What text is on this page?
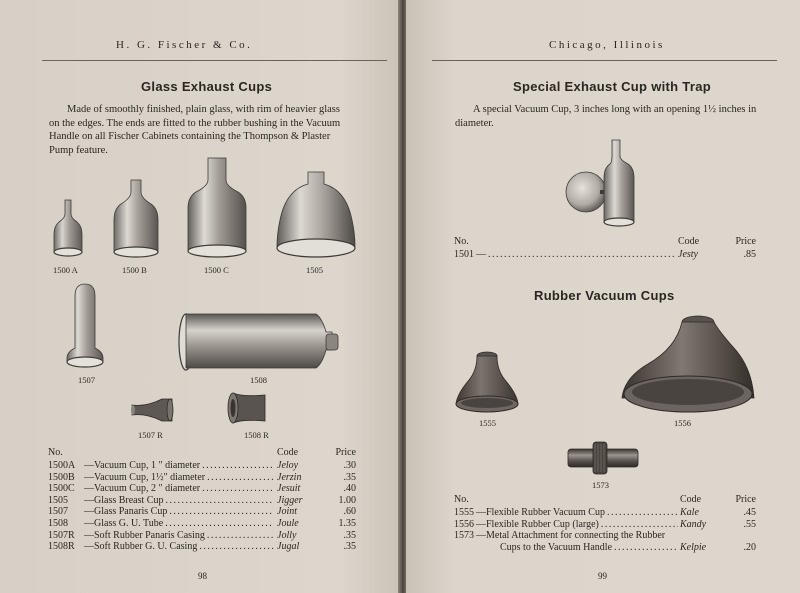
H. G. Fischer & Co.
Glass Exhaust Cups
Made of smoothly finished, plain glass, with rim of heavier glass
on the edges. The ends are fitted to the rubber bushing in the Vacuum
Handle on all Fischer Cabinets containing the Thompson & Plaster
Pump feature.
1500 A	1500 B	1500 C	1505
1507	1508
1507 R	1508 R
No.	Code	Price
1500A —Vacuum Cup, 1 ″ diameter . . .	Jeloy	.30
1500B —Vacuum Cup, 1½″ diameter . . .	Jerzin	.35
1500C —Vacuum Cup, 2 ″ diameter . . .	Jesuit	.40
1505 —Glass Breast Cup . . .	Jigger	1.00
1507 —Glass Panaris Cup . . .	Joint	.60
1508 —Glass G. U. Tube . . .	Joule	1.35
1507R —Soft Rubber Panaris Casing . . .	Jolly	.35
1508R —Soft Rubber G. U. Casing . . .	Jugal	.35
98
Chicago, Illinois
Special Exhaust Cup with Trap
A special Vacuum Cup, 3 inches long with an opening 1½ inches in
diameter.
No.	Code	Price
1501 — . . .	Jesty	.85
Rubber Vacuum Cups
1555	1556
1573
No.	Code	Price
1555 —Flexible Rubber Vacuum Cup . . .	Kale	.45
1556 —Flexible Rubber Cup (large) . . .	Kandy	.55
1573 —Metal Attachment for connecting the Rubber
Cups to the Vacuum Handle . . .	Kelpie	.20
99
